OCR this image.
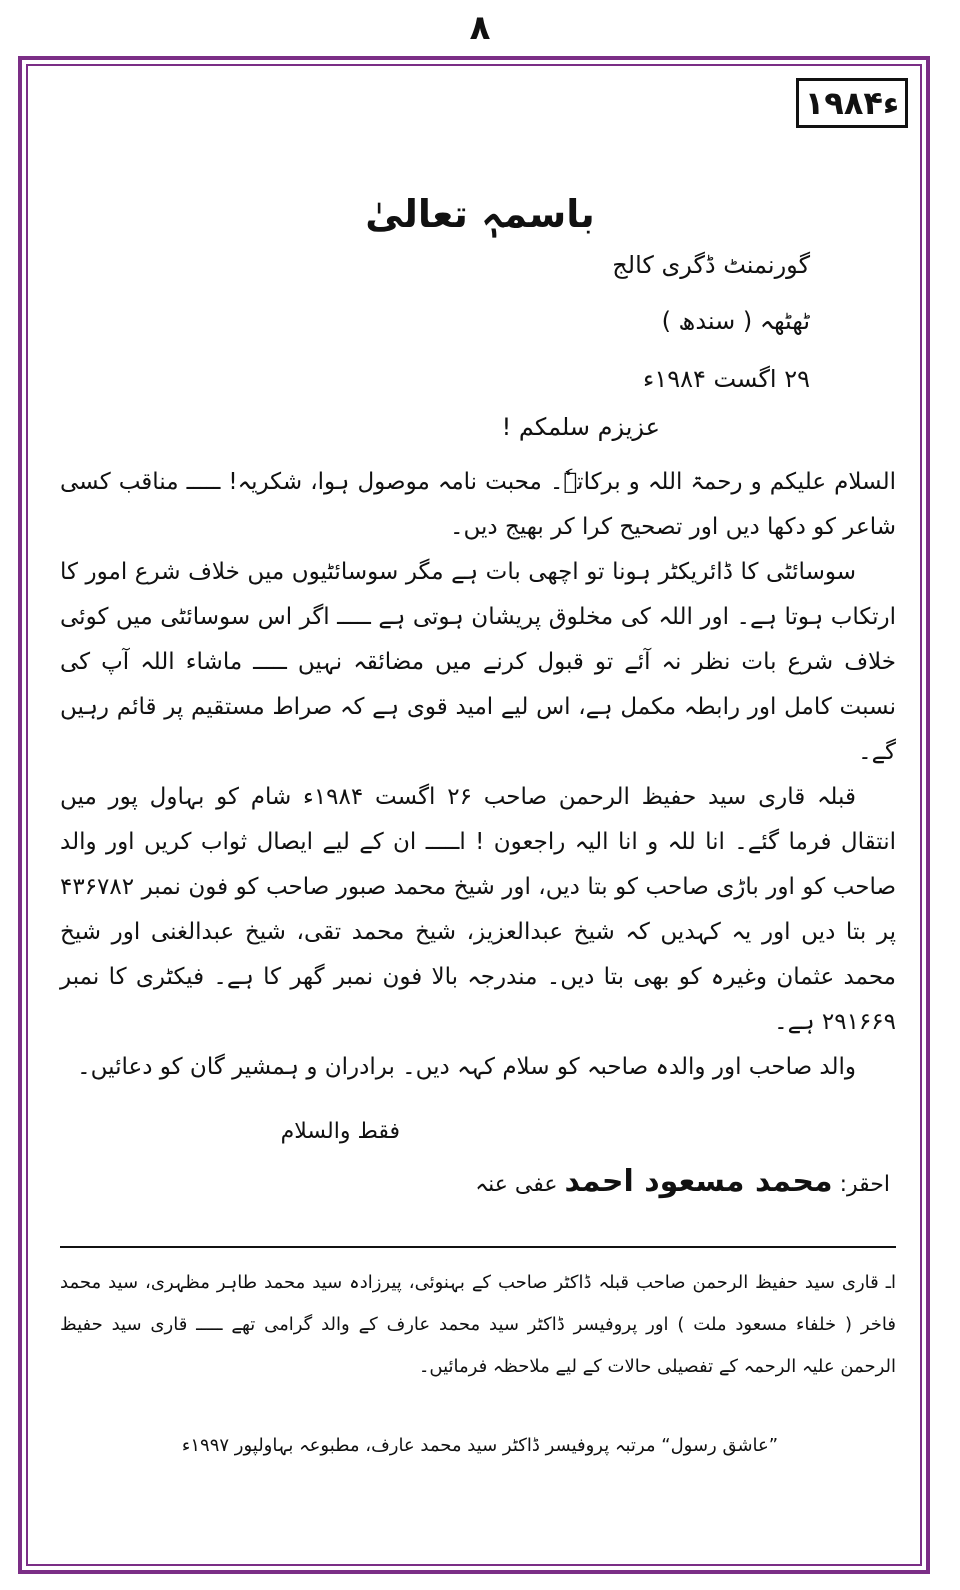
٨
۱۹۸۴ء
باسمہٖ تعالیٰ
گورنمنٹ ڈگری کالج
ٹھٹھہ ( سندھ )
۲۹ اگست ۱۹۸۴ء
عزیزم سلمکم !

السلام علیکم و رحمۃ اللہ و برکاتہٗ۔ محبت نامہ موصول ہوا، شکریہ! ـــــ مناقب کسی شاعر کو دکھا دیں اور تصحیح کرا کر بھیج دیں۔

سوسائٹی کا ڈائریکٹر ہونا تو اچھی بات ہے مگر سوسائٹیوں میں خلاف شرع امور کا ارتکاب ہوتا ہے۔ اور اللہ کی مخلوق پریشان ہوتی ہے ـــــ اگر اس سوسائٹی میں کوئی خلاف شرع بات نظر نہ آئے تو قبول کرنے میں مضائقہ نہیں ـــــ ماشاء اللہ آپ کی نسبت کامل اور رابطہ مکمل ہے، اس لیے امید قوی ہے کہ صراط مستقیم پر قائم رہیں گے۔

قبلہ قاری سید حفیظ الرحمن صاحب ۲۶ اگست ۱۹۸۴ء شام کو بہاول پور میں انتقال فرما گئے۔ انا للہ و انا الیہ راجعون ! اـــــ ان کے لیے ایصال ثواب کریں اور والد صاحب کو اور باڑی صاحب کو بتا دیں، اور شیخ محمد صبور صاحب کو فون نمبر ۴۳۶۷۸۲ پر بتا دیں اور یہ کہدیں کہ شیخ عبدالعزیز، شیخ محمد تقی، شیخ عبدالغنی اور شیخ محمد عثمان وغیرہ کو بھی بتا دیں۔ مندرجہ بالا فون نمبر گھر کا ہے۔ فیکٹری کا نمبر ۲۹۱۶۶۹ ہے۔

والد صاحب اور والدہ صاحبہ کو سلام کہہ دیں۔ برادران و ہمشیر گان کو دعائیں۔

فقط والسلام
احقر: محمد مسعود احمد عفی عنہ
اـ قاری سید حفیظ الرحمن صاحب قبلہ ڈاکٹر صاحب کے بہنوئی، پیرزادہ سید محمد طاہر مظہری، سید محمد فاخر ( خلفاء مسعود ملت ) اور پروفیسر ڈاکٹر سید محمد عارف کے والد گرامی تھے ـــــ قاری سید حفیظ الرحمن علیہ الرحمہ کے تفصیلی حالات کے لیے ملاحظہ فرمائیں۔
”عاشق رسول“ مرتبہ پروفیسر ڈاکٹر سید محمد عارف، مطبوعہ بہاولپور ۱۹۹۷ء
